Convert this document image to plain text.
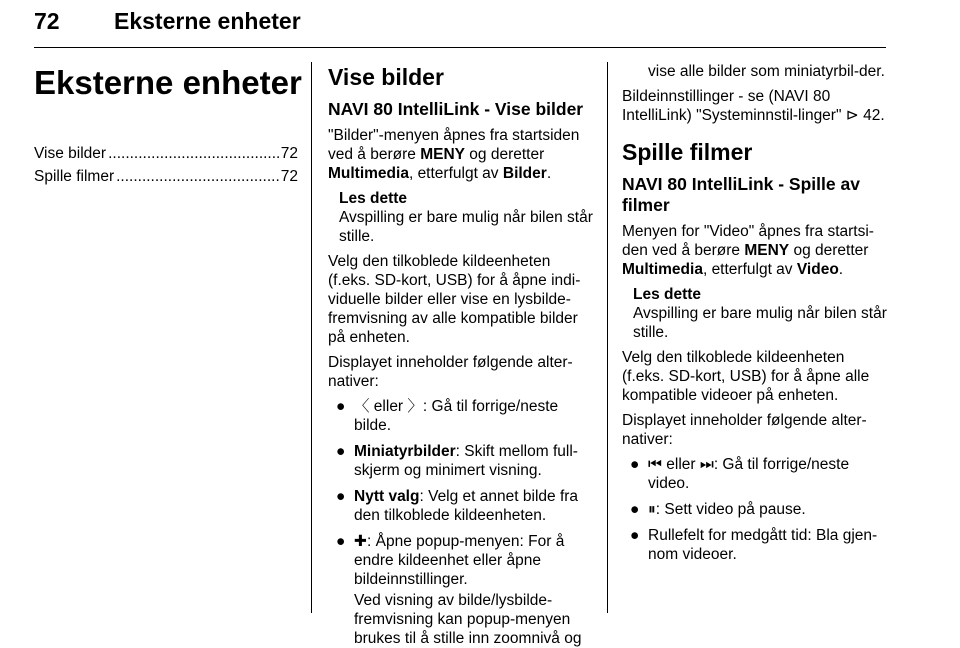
72 Eksterne enheter
Eksterne enheter
Vise bilder .....	72
Spille filmer .....	72
Vise bilder
NAVI 80 IntelliLink - Vise bilder

"Bilder"-menyen åpnes fra startsiden ved å berøre MENY og deretter Multimedia, etterfulgt av Bilder.

Les dette
Avspilling er bare mulig når bilen står stille.

Velg den tilkoblede kildeenheten (f.eks. SD-kort, USB) for å åpne indi-viduelle bilder eller vise en lysbilde-fremvisning av alle kompatible bilder på enheten.

Displayet inneholder følgende alter-nativer:

● 〈 eller 〉: Gå til forrige/neste bilde.
● Miniatyrbilder: Skift mellom full-skjerm og minimert visning.
● Nytt valg: Velg et annet bilde fra den tilkoblede kildeenheten.
● ✚: Åpne popup-menyen: For å endre kildeenhet eller åpne bildeinnstillinger.
Ved visning av bilde/lysbilde-fremvisning kan popup-menyen brukes til å stille inn zoomnivå og
vise alle bilder som miniatyrbil-der.

Bildeinnstillinger - se (NAVI 80 IntelliLink) "Systeminnstil-linger" ⊳ 42.

Spille filmer
NAVI 80 IntelliLink - Spille av filmer

Menyen for "Video" åpnes fra startsi-den ved å berøre MENY og deretter Multimedia, etterfulgt av Video.

Les dette
Avspilling er bare mulig når bilen står stille.

Velg den tilkoblede kildeenheten (f.eks. SD-kort, USB) for å åpne alle kompatible videoer på enheten.

Displayet inneholder følgende alter-nativer:

● ⏮ eller ⏭: Gå til forrige/neste video.
● ⏸: Sett video på pause.
● Rullefelt for medgått tid: Bla gjen-nom videoer.
